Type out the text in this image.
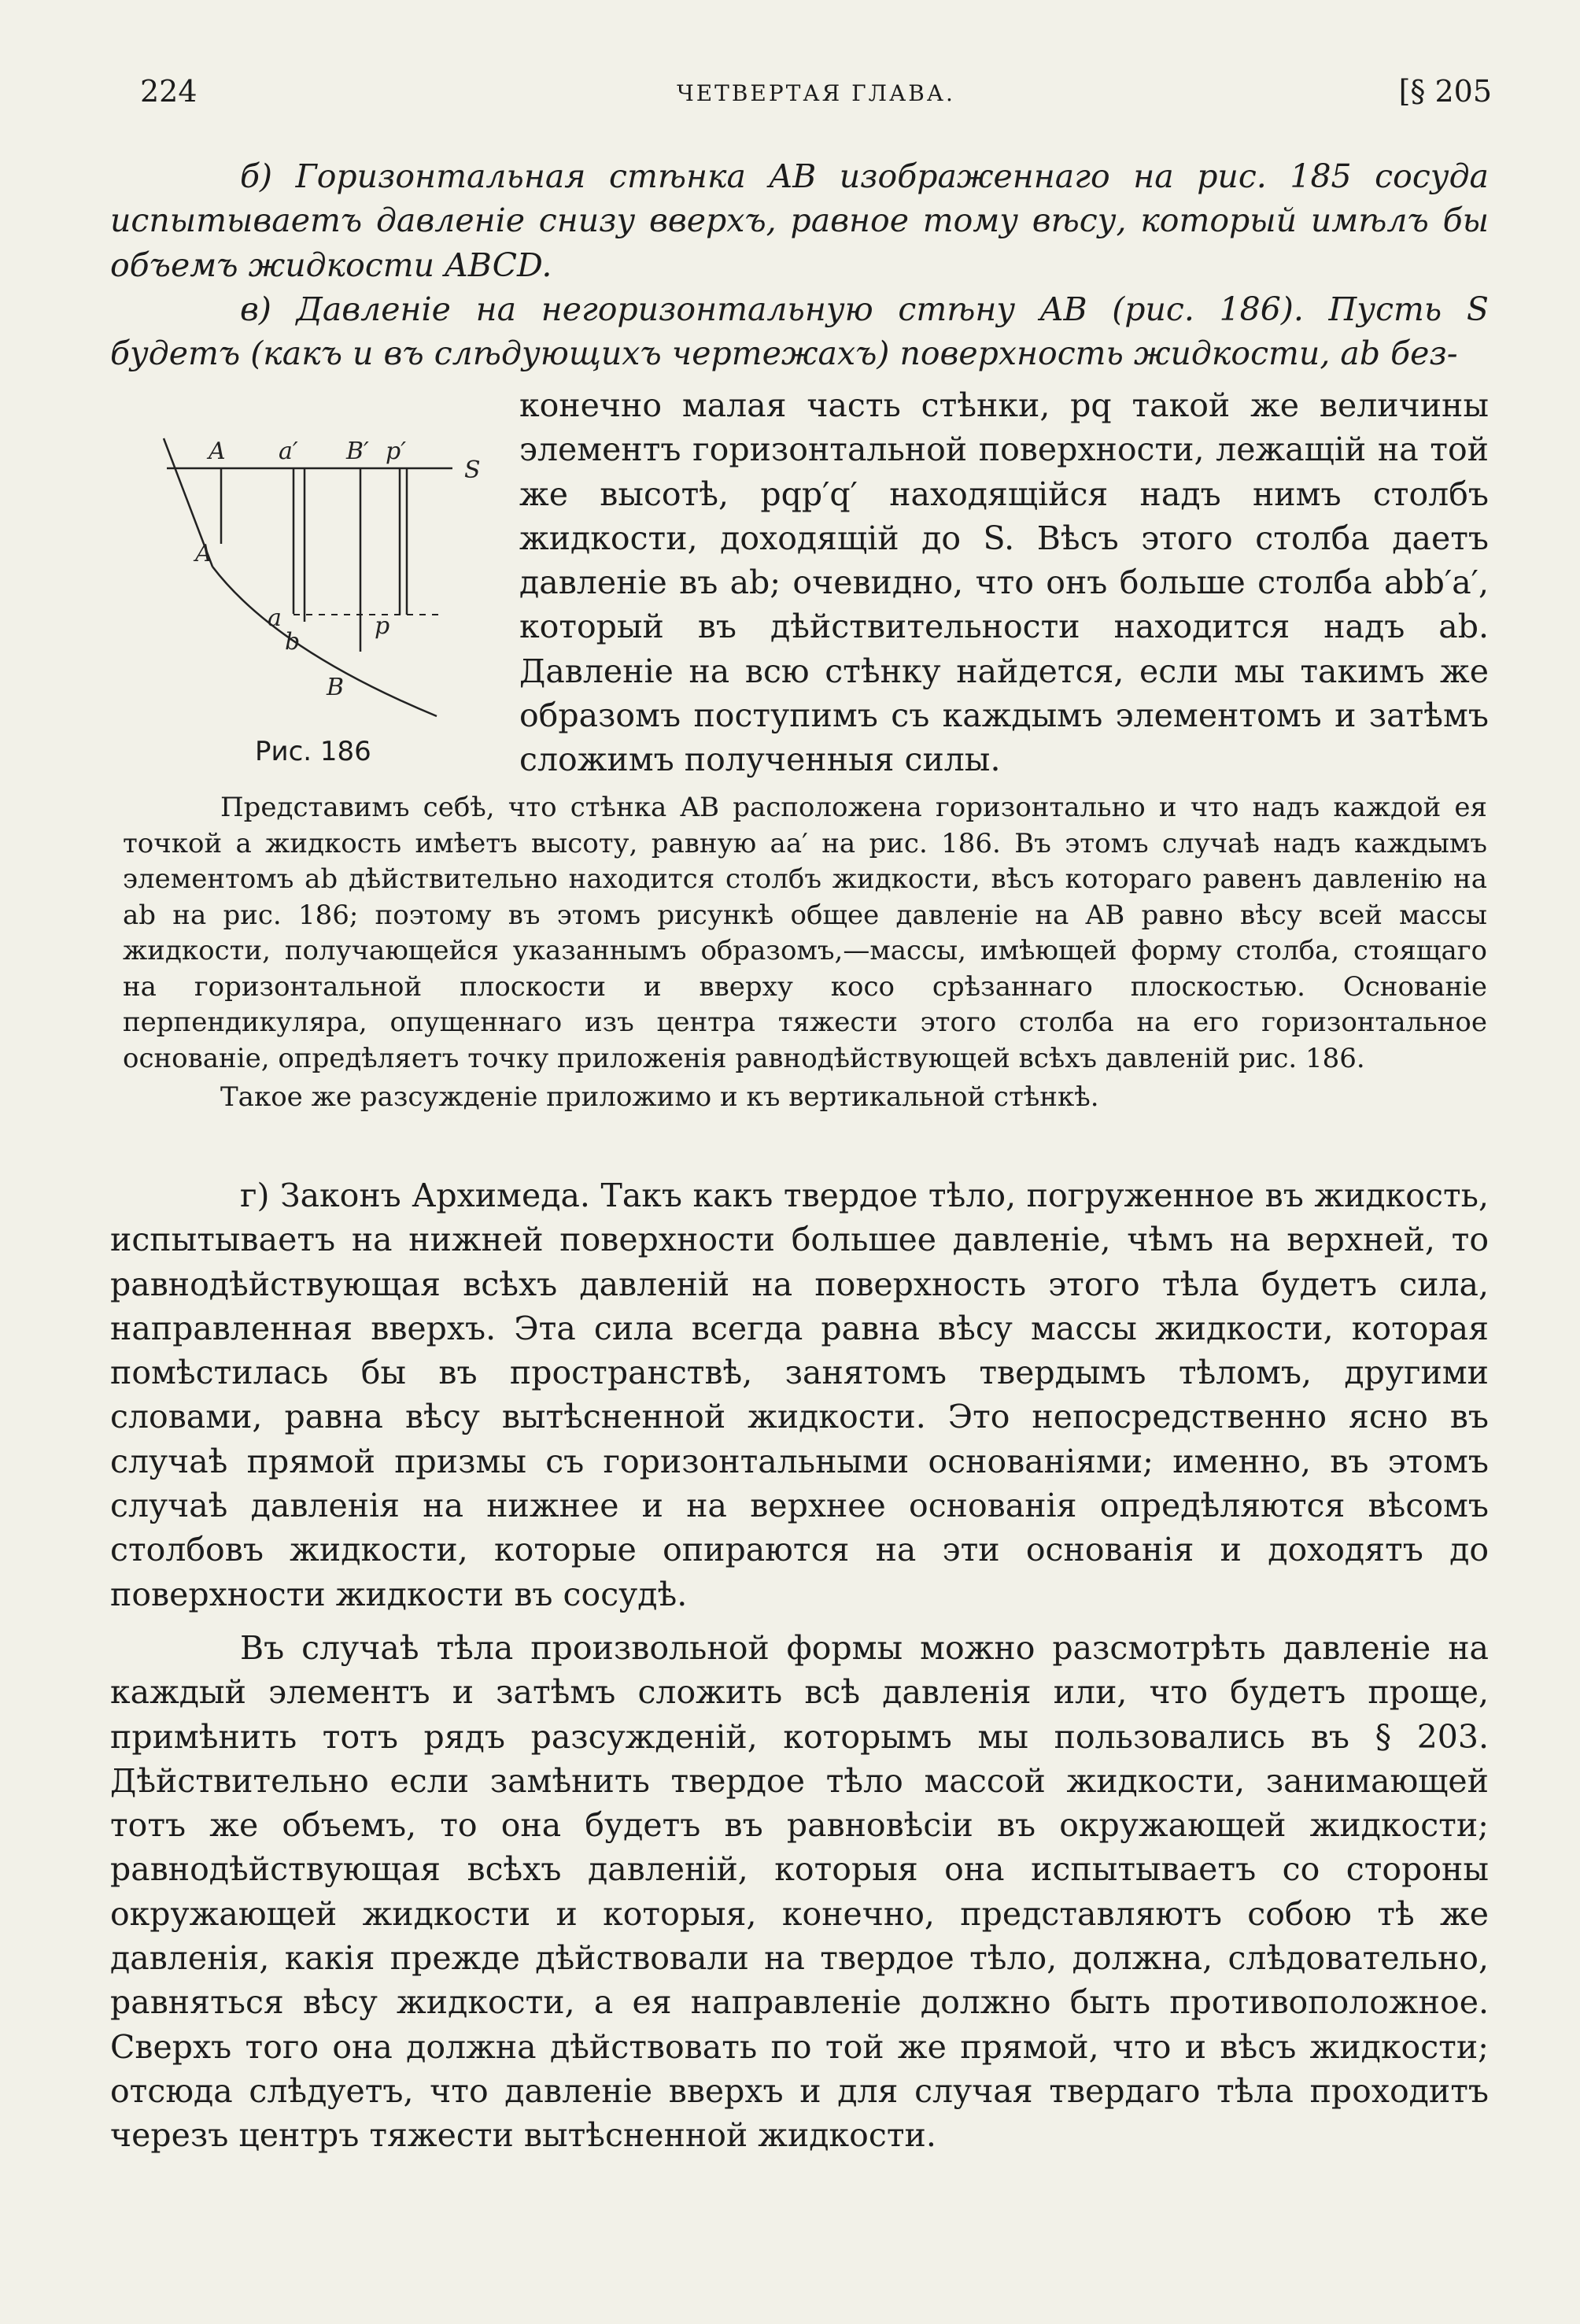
224	ЧЕТВЕРТАЯ ГЛАВА.	[§ 205

б) Горизонтальная стѣнка AB изображеннаго на рис. 185 сосуда испытываетъ давленіе снизу вверхъ, равное тому вѣсу, который имѣлъ бы объемъ жидкости ABCD.

в) Давленіе на негоризонтальную стѣну AB (рис. 186). Пусть S будетъ (какъ и въ слѣдующихъ чертежахъ) поверхность жидкости, ab без-

A a′ B′ p′
S
A
a
b
p
B
Рис. 186

конечно малая часть стѣнки, pq такой же величины элементъ горизонтальной поверхности, лежащій на той же высотѣ, pqp′q′ находящійся надъ нимъ столбъ жидкости, доходящій до S. Вѣсъ этого столба даетъ давленіе въ ab; очевидно, что онъ больше столба abb′a′, который въ дѣйствительности находится надъ ab. Давленіе на всю стѣнку найдется, если мы такимъ же образомъ поступимъ съ каждымъ элементомъ и затѣмъ сложимъ полученныя силы.

Представимъ себѣ, что стѣнка AB расположена горизонтально и что надъ каждой ея точкой a жидкость имѣетъ высоту, равную aa′ на рис. 186. Въ этомъ случаѣ надъ каждымъ элементомъ ab дѣйствительно находится столбъ жидкости, вѣсъ котораго равенъ давленію на ab на рис. 186; поэтому въ этомъ рисункѣ общее давленіе на AB равно вѣсу всей массы жидкости, получающейся указаннымъ образомъ,—массы, имѣющей форму столба, стоящаго на горизонтальной плоскости и вверху косо срѣзаннаго плоскостью. Основаніе перпендикуляра, опущеннаго изъ центра тяжести этого столба на его горизонтальное основаніе, опредѣляетъ точку приложенія равнодѣйствующей всѣхъ давленій рис. 186.

Такое же разсужденіе приложимо и къ вертикальной стѣнкѣ.

г) Законъ Архимеда. Такъ какъ твердое тѣло, погруженное въ жидкость, испытываетъ на нижней поверхности большее давленіе, чѣмъ на верхней, то равнодѣйствующая всѣхъ давленій на поверхность этого тѣла будетъ сила, направленная вверхъ. Эта сила всегда равна вѣсу массы жидкости, которая помѣстилась бы въ пространствѣ, занятомъ твердымъ тѣломъ, другими словами, равна вѣсу вытѣсненной жидкости. Это непосредственно ясно въ случаѣ прямой призмы съ горизонтальными основаніями; именно, въ этомъ случаѣ давленія на нижнее и на верхнее основанія опредѣляются вѣсомъ столбовъ жидкости, которые опираются на эти основанія и доходятъ до поверхности жидкости въ сосудѣ.

Въ случаѣ тѣла произвольной формы можно разсмотрѣть давленіе на каждый элементъ и затѣмъ сложить всѣ давленія или, что будетъ проще, примѣнить тотъ рядъ разсужденій, которымъ мы пользовались въ § 203. Дѣйствительно если замѣнить твердое тѣло массой жидкости, занимающей тотъ же объемъ, то она будетъ въ равновѣсіи въ окружающей жидкости; равнодѣйствующая всѣхъ давленій, которыя она испытываетъ со стороны окружающей жидкости и которыя, конечно, представляютъ собою тѣ же давленія, какія прежде дѣйствовали на твердое тѣло, должна, слѣдовательно, равняться вѣсу жидкости, а ея направленіе должно быть противоположное. Сверхъ того она должна дѣйствовать по той же прямой, что и вѣсъ жидкости; отсюда слѣдуетъ, что давленіе вверхъ и для случая твердаго тѣла проходитъ черезъ центръ тяжести вытѣсненной жидкости.
